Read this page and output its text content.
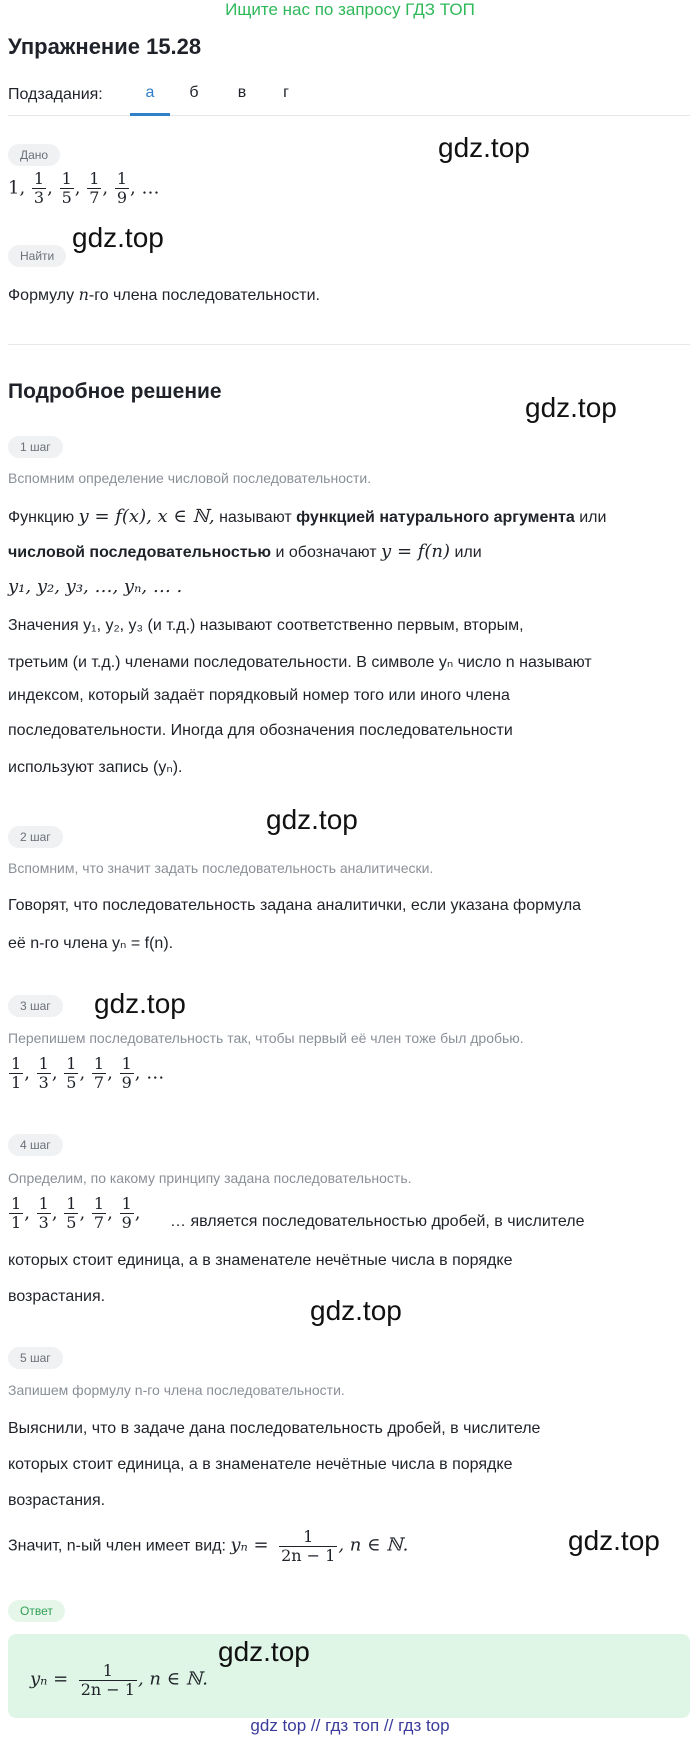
Ищите нас по запросу ГДЗ ТОП
Упражнение 15.28
Подзадания:	а	б	в	г
Дано
1, $\frac{1}{3}$ , $\frac{1}{5}$ , $\frac{1}{7}$ , $\frac{1}{9}$ , …
Найти
Формулу n-го члена последовательности.
Подробное решение
1 шаг
Вспомним определение числовой последовательности.
Функцию y = f(x), x ∈ ℕ, называют функцией натурального аргумента или
числовой последовательностью и обозначают y = f(n) или
y₁, y₂, y₃, …, yₙ, … .
Значения y₁, y₂, y₃ (и т.д.) называют соответственно первым, вторым,
третьим (и т.д.) членами последовательности. В символе yₙ число n называют
индексом, который задаёт порядковый номер того или иного члена
последовательности. Иногда для обозначения последовательности
используют запись (yₙ).
2 шаг
Вспомним, что значит задать последовательность аналитически.
Говорят, что последовательность задана аналитички, если указана формула
её n-го члена yₙ = f(n).
3 шаг
Перепишем последовательность так, чтобы первый её член тоже был дробью.
$\frac{1}{1}$ , $\frac{1}{3}$ , $\frac{1}{5}$ , $\frac{1}{7}$ , $\frac{1}{9}$ , …
4 шаг
Определим, по какому принципу задана последовательность.
$\frac{1}{1}$ , $\frac{1}{3}$ , $\frac{1}{5}$ , $\frac{1}{7}$ , $\frac{1}{9}$ , … является последовательностью дробей, в числителе
которых стоит единица, а в знаменателе нечётные числа в порядке
возрастания.
5 шаг
Запишем формулу n-го члена последовательности.
Выяснили, что в задаче дана последовательность дробей, в числителе
которых стоит единица, а в знаменателе нечётные числа в порядке
возрастания.
Значит, n-ый член имеет вид: $y_n = \frac{1}{2n - 1}$ , n ∈ ℕ.
Ответ
$y_n = \frac{1}{2n - 1}$ , n ∈ ℕ.
gdz.top
gdz.top
gdz.top
gdz.top
gdz.top
gdz.top
gdz.top
gdz.top
gdz top // гдз топ // гдз top
